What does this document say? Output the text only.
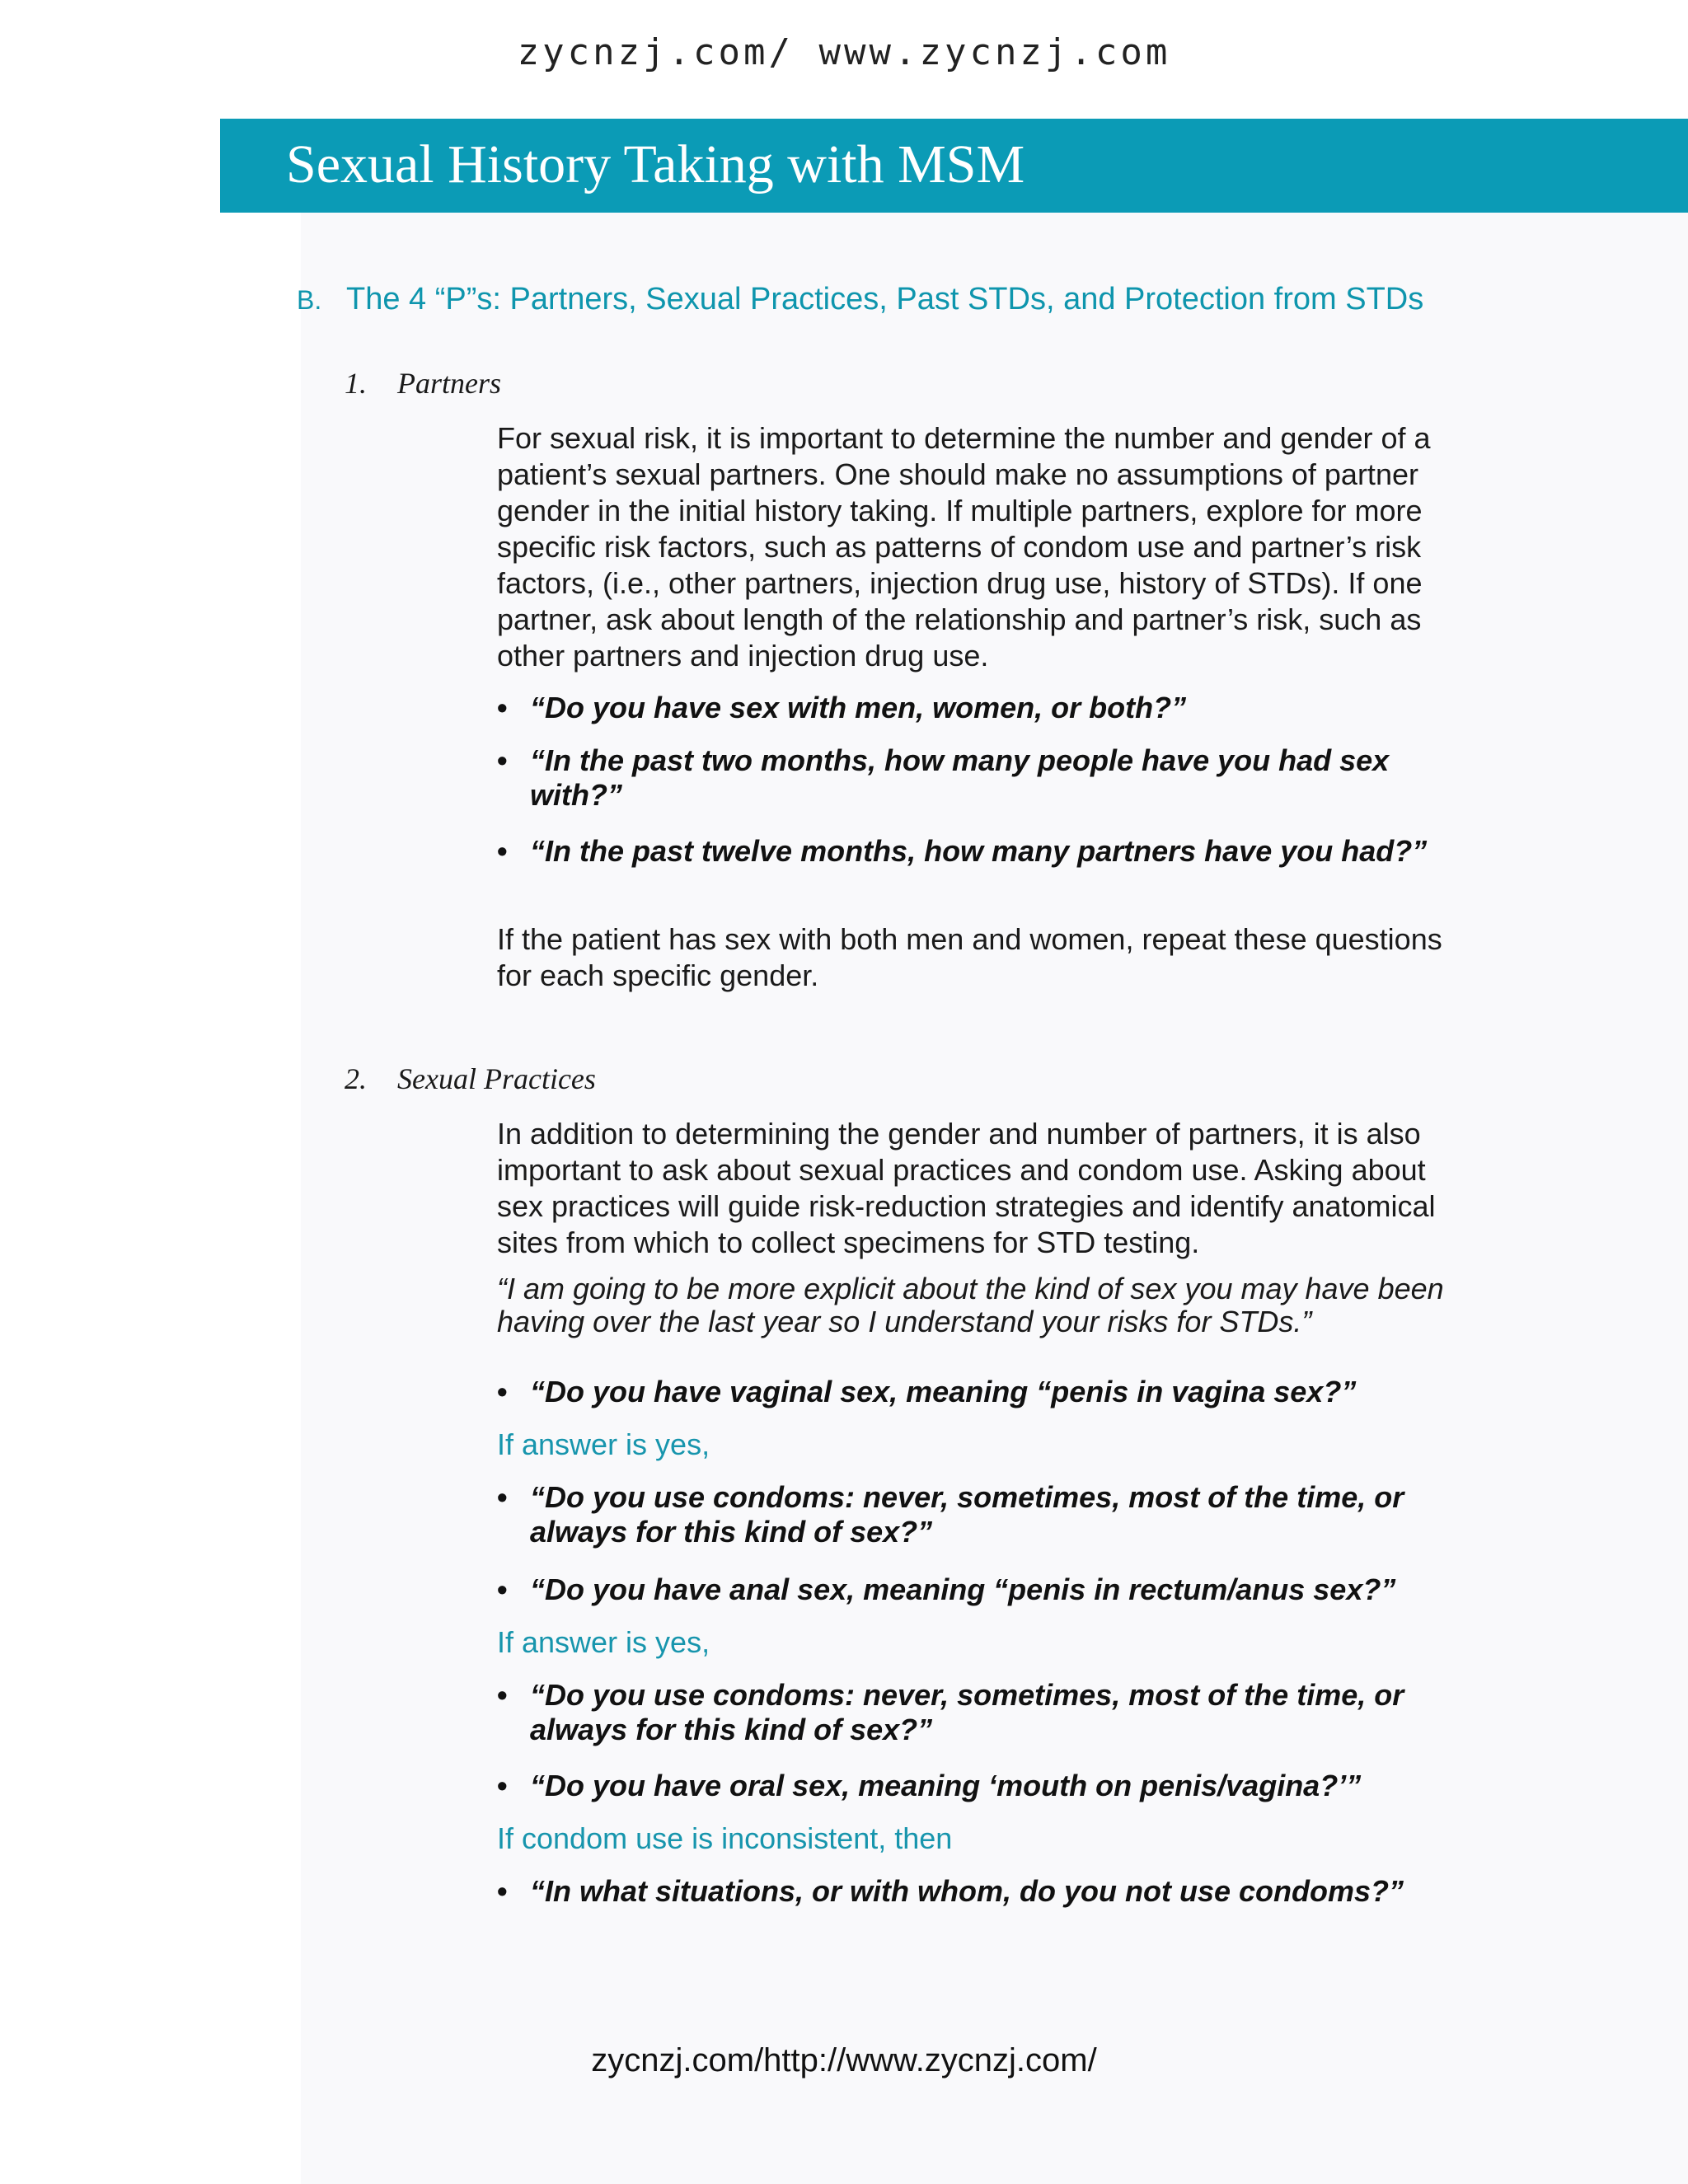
zycnzj.com/ www.zycnzj.com
Sexual History Taking with MSM
B. The 4 “P”s: Partners, Sexual Practices, Past STDs, and Protection from STDs
1. Partners

For sexual risk, it is important to determine the number and gender of a patient’s sexual partners. One should make no assumptions of partner gender in the initial history taking. If multiple partners, explore for more specific risk factors, such as patterns of condom use and partner’s risk factors, (i.e., other partners, injection drug use, history of STDs). If one partner, ask about length of the relationship and partner’s risk, such as other partners and injection drug use.

• “Do you have sex with men, women, or both?”
• “In the past two months, how many people have you had sex with?”
• “In the past twelve months, how many partners have you had?”

If the patient has sex with both men and women, repeat these questions for each specific gender.

2. Sexual Practices

In addition to determining the gender and number of partners, it is also important to ask about sexual practices and condom use. Asking about sex practices will guide risk-reduction strategies and identify anatomical sites from which to collect specimens for STD testing.

“I am going to be more explicit about the kind of sex you may have been having over the last year so I understand your risks for STDs.”

• “Do you have vaginal sex, meaning “penis in vagina sex?”
If answer is yes,
• “Do you use condoms: never, sometimes, most of the time, or always for this kind of sex?”
• “Do you have anal sex, meaning “penis in rectum/anus sex?”
If answer is yes,
• “Do you use condoms: never, sometimes, most of the time, or always for this kind of sex?”
• “Do you have oral sex, meaning ‘mouth on penis/vagina?’”
If condom use is inconsistent, then
• “In what situations, or with whom, do you not use condoms?”
zycnzj.com/http://www.zycnzj.com/
